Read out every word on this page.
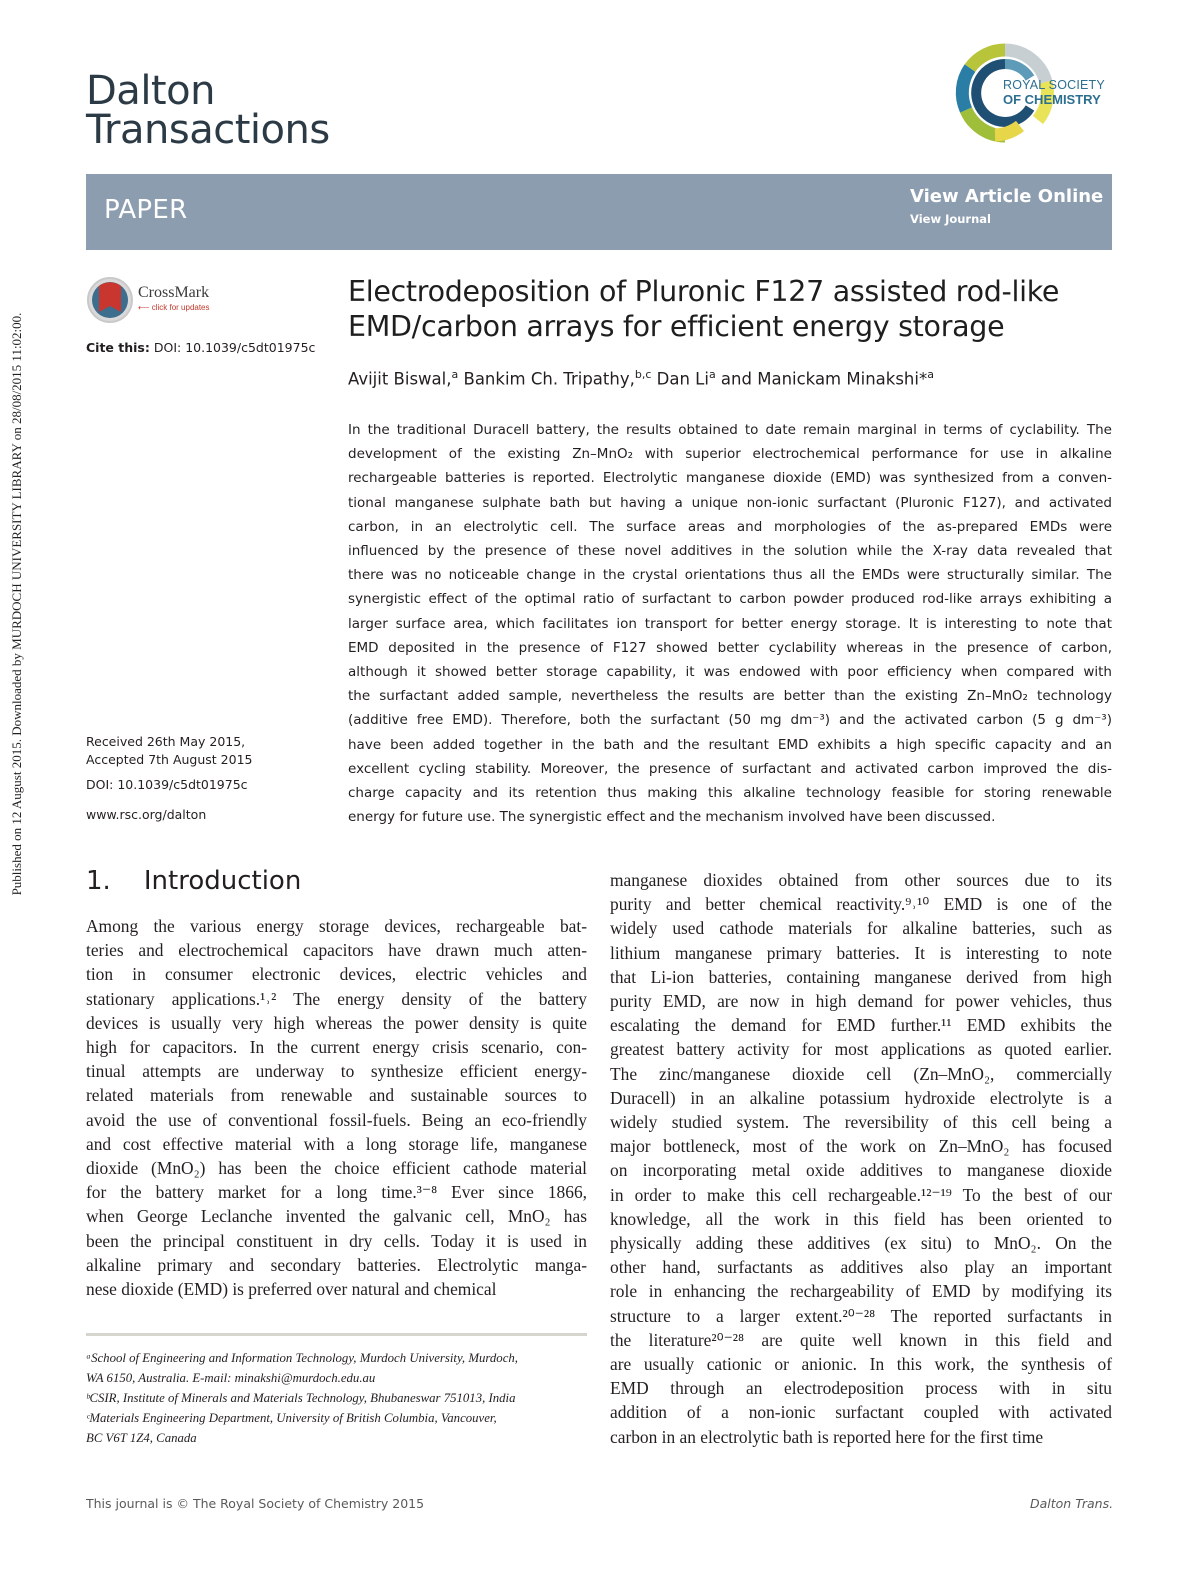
Published on 12 August 2015. Downloaded by MURDOCH UNIVERSITY LIBRARY on 28/08/2015 11:02:00.
Dalton
Transactions
ROYAL SOCIETY
OF CHEMISTRY
PAPER	View Article Online
View Journal
CrossMark
⟵ click for updates
Cite this: DOI: 10.1039/c5dt01975c
Electrodeposition of Pluronic F127 assisted rod-like
EMD/carbon arrays for efficient energy storage
Avijit Biswal,$^a$ Bankim Ch. Tripathy,$^{b,c}$ Dan Li$^a$ and Manickam Minakshi*$^a$
In the traditional Duracell battery, the results obtained to date remain marginal in terms of cyclability. The
development of the existing Zn–MnO₂ with superior electrochemical performance for use in alkaline
rechargeable batteries is reported. Electrolytic manganese dioxide (EMD) was synthesized from a conven-
tional manganese sulphate bath but having a unique non-ionic surfactant (Pluronic F127), and activated
carbon, in an electrolytic cell. The surface areas and morphologies of the as-prepared EMDs were
influenced by the presence of these novel additives in the solution while the X-ray data revealed that
there was no noticeable change in the crystal orientations thus all the EMDs were structurally similar. The
synergistic effect of the optimal ratio of surfactant to carbon powder produced rod-like arrays exhibiting a
larger surface area, which facilitates ion transport for better energy storage. It is interesting to note that
EMD deposited in the presence of F127 showed better cyclability whereas in the presence of carbon,
although it showed better storage capability, it was endowed with poor efficiency when compared with
the surfactant added sample, nevertheless the results are better than the existing Zn–MnO₂ technology
(additive free EMD). Therefore, both the surfactant (50 mg dm⁻³) and the activated carbon (5 g dm⁻³)
have been added together in the bath and the resultant EMD exhibits a high specific capacity and an
excellent cycling stability. Moreover, the presence of surfactant and activated carbon improved the dis-
charge capacity and its retention thus making this alkaline technology feasible for storing renewable
energy for future use. The synergistic effect and the mechanism involved have been discussed.
Received 26th May 2015,
Accepted 7th August 2015
DOI: 10.1039/c5dt01975c
www.rsc.org/dalton
1.    Introduction
Among the various energy storage devices, rechargeable bat-
teries and electrochemical capacitors have drawn much atten-
tion in consumer electronic devices, electric vehicles and
stationary applications.¹˒² The energy density of the battery
devices is usually very high whereas the power density is quite
high for capacitors. In the current energy crisis scenario, con-
tinual attempts are underway to synthesize efficient energy-
related materials from renewable and sustainable sources to
avoid the use of conventional fossil-fuels. Being an eco-friendly
and cost effective material with a long storage life, manganese
dioxide (MnO₂) has been the choice efficient cathode material
for the battery market for a long time.³⁻⁸ Ever since 1866,
when George Leclanche invented the galvanic cell, MnO₂ has
been the principal constituent in dry cells. Today it is used in
alkaline primary and secondary batteries. Electrolytic manga-
nese dioxide (EMD) is preferred over natural and chemical
manganese dioxides obtained from other sources due to its
purity and better chemical reactivity.⁹˒¹⁰ EMD is one of the
widely used cathode materials for alkaline batteries, such as
lithium manganese primary batteries. It is interesting to note
that Li-ion batteries, containing manganese derived from high
purity EMD, are now in high demand for power vehicles, thus
escalating the demand for EMD further.¹¹ EMD exhibits the
greatest battery activity for most applications as quoted earlier.
The zinc/manganese dioxide cell (Zn–MnO₂, commercially
Duracell) in an alkaline potassium hydroxide electrolyte is a
widely studied system. The reversibility of this cell being a
major bottleneck, most of the work on Zn–MnO₂ has focused
on incorporating metal oxide additives to manganese dioxide
in order to make this cell rechargeable.¹²⁻¹⁹ To the best of our
knowledge, all the work in this field has been oriented to
physically adding these additives (ex situ) to MnO₂. On the
other hand, surfactants as additives also play an important
role in enhancing the rechargeability of EMD by modifying its
structure to a larger extent.²⁰⁻²⁸ The reported surfactants in
the literature²⁰⁻²⁸ are quite well known in this field and
are usually cationic or anionic. In this work, the synthesis of
EMD through an electrodeposition process with in situ
addition of a non-ionic surfactant coupled with activated
carbon in an electrolytic bath is reported here for the first time
ᵃSchool of Engineering and Information Technology, Murdoch University, Murdoch,
WA 6150, Australia. E-mail: minakshi@murdoch.edu.au
ᵇCSIR, Institute of Minerals and Materials Technology, Bhubaneswar 751013, India
ᶜMaterials Engineering Department, University of British Columbia, Vancouver,
BC V6T 1Z4, Canada
This journal is © The Royal Society of Chemistry 2015	Dalton Trans.
